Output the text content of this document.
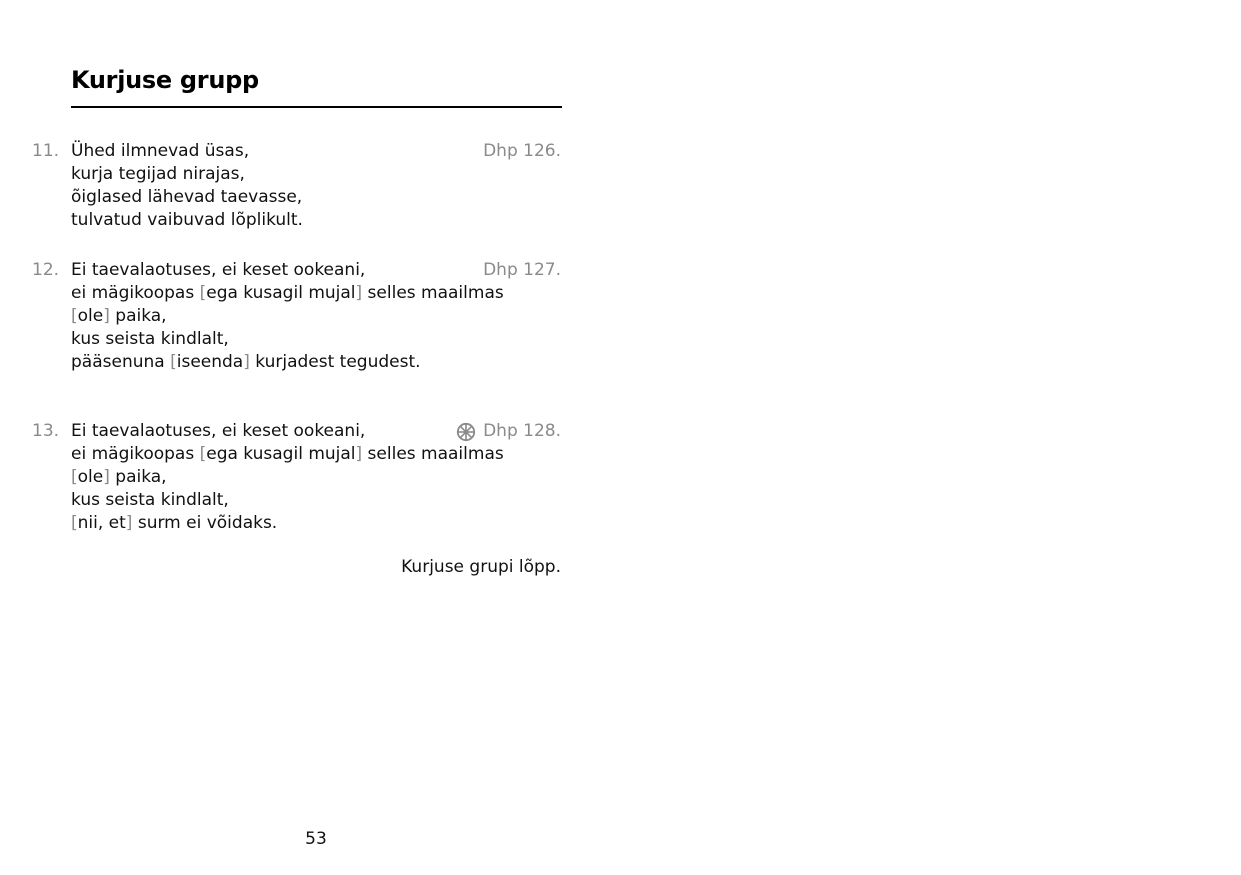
Kurjuse grupp
11.	Dhp 126.
Ühed ilmnevad üsas,
kurja tegijad nirajas,
õiglased lähevad taevasse,
tulvatud vaibuvad lõplikult.
12.	Dhp 127.
Ei taevalaotuses, ei keset ookeani,
ei mägikoopas [ega kusagil mujal] selles maailmas
[ole] paika,
kus seista kindlalt,
pääsenuna [iseenda] kurjadest tegudest.
13.	Dhp 128.
Ei taevalaotuses, ei keset ookeani,
ei mägikoopas [ega kusagil mujal] selles maailmas
[ole] paika,
kus seista kindlalt,
[nii, et] surm ei võidaks.
Kurjuse grupi lõpp.
53
